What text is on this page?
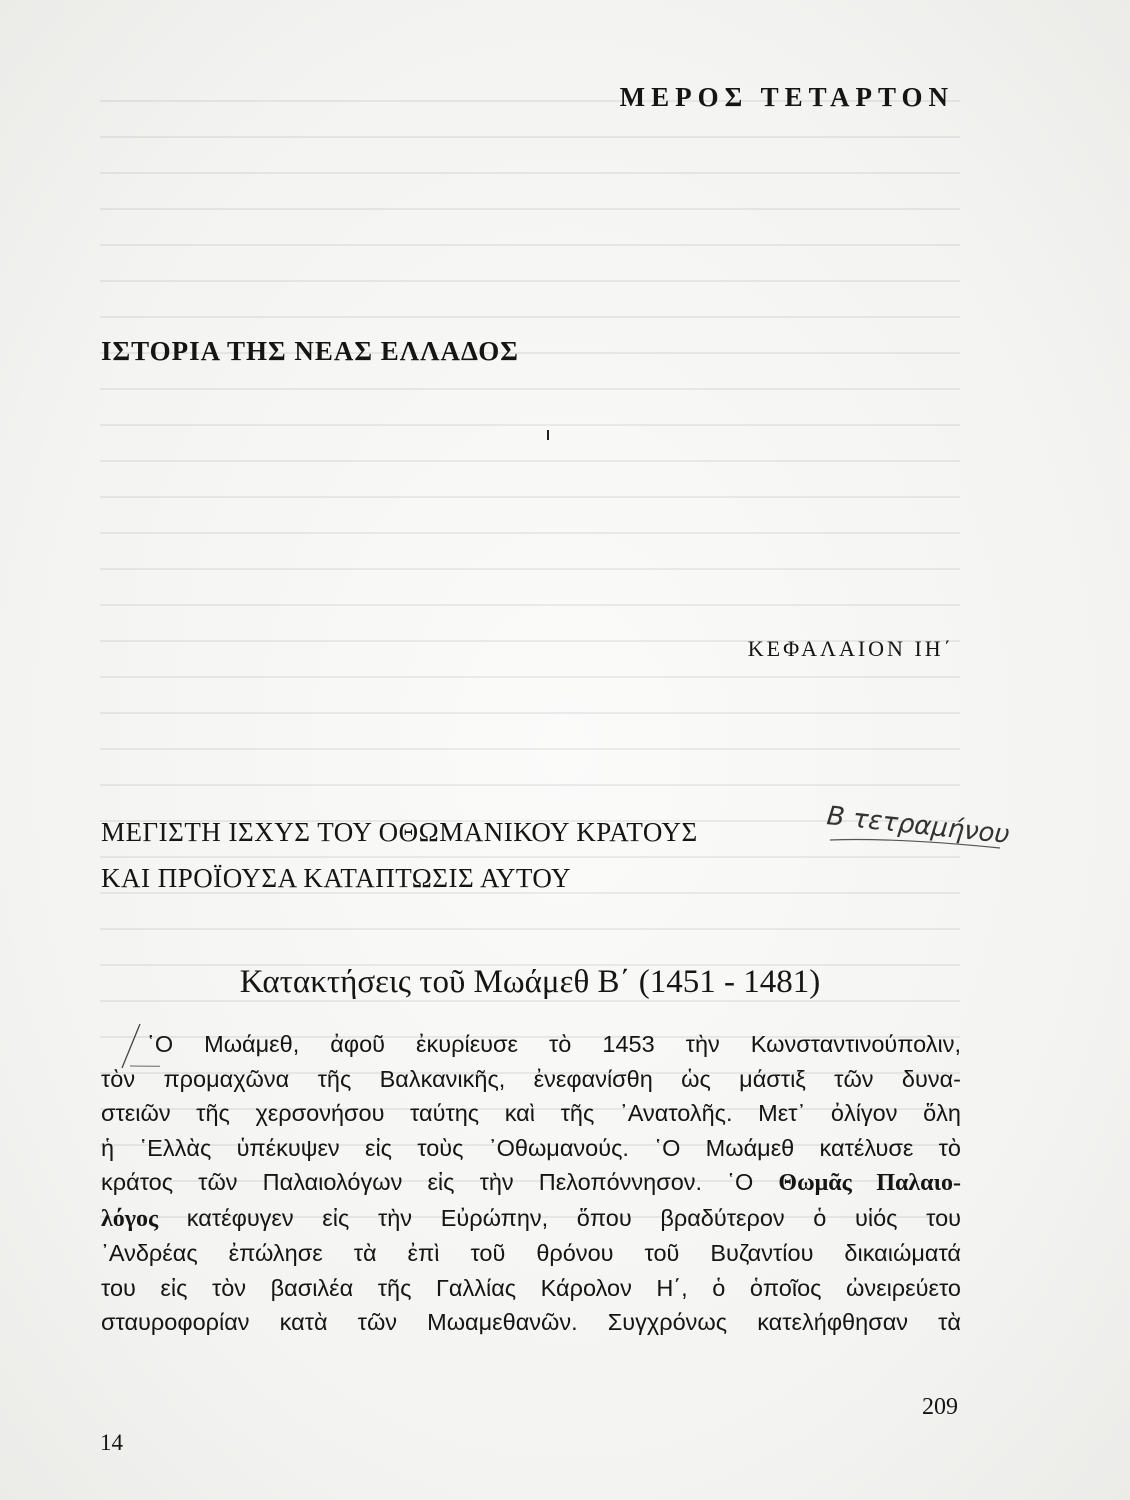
ΜΕΡΟΣ ΤΕΤΑΡΤΟΝ
ΙΣΤΟΡΙΑ ΤΗΣ ΝΕΑΣ ΕΛΛΑΔΟΣ
ΚΕΦΑΛΑΙΟΝ ΙΗ΄
ΜΕΓΙΣΤΗ ΙΣΧΥΣ ΤΟΥ ΟΘΩΜΑΝΙΚΟΥ ΚΡΑΤΟΥΣ
ΚΑΙ ΠΡΟΪΟΥΣΑ ΚΑΤΑΠΤΩΣΙΣ ΑΥΤΟΥ
Β τετραμήνου
Κατακτήσεις τοῦ Μωάμεθ Β΄ (1451 - 1481)
῾Ο Μωάμεθ, ἀφοῦ ἐκυρίευσε τὸ 1453 τὴν Κωνσταντινούπολιν,
τὸν προμαχῶνα τῆς Βαλκανικῆς, ἐνεφανίσθη ὡς μάστιξ τῶν δυνα-
στειῶν τῆς χερσονήσου ταύτης καὶ τῆς ᾿Ανατολῆς. Μετ᾿ ὀλίγον ὅλη
ἡ ῾Ελλὰς ὑπέκυψεν εἰς τοὺς ᾿Οθωμανούς. ῾Ο Μωάμεθ κατέλυσε τὸ
κράτος τῶν Παλαιολόγων εἰς τὴν Πελοπόννησον. ῾Ο Θωμᾶς Παλαιο-
λόγος κατέφυγεν εἰς τὴν Εὐρώπην, ὅπου βραδύτερον ὁ υἱός του
᾿Ανδρέας ἐπώλησε τὰ ἐπὶ τοῦ θρόνου τοῦ Βυζαντίου δικαιώματά
του εἰς τὸν βασιλέα τῆς Γαλλίας Κάρολον Η΄, ὁ ὁποῖος ὠνειρεύετο
σταυροφορίαν κατὰ τῶν Μωαμεθανῶν. Συγχρόνως κατελήφθησαν τὰ
209
14
